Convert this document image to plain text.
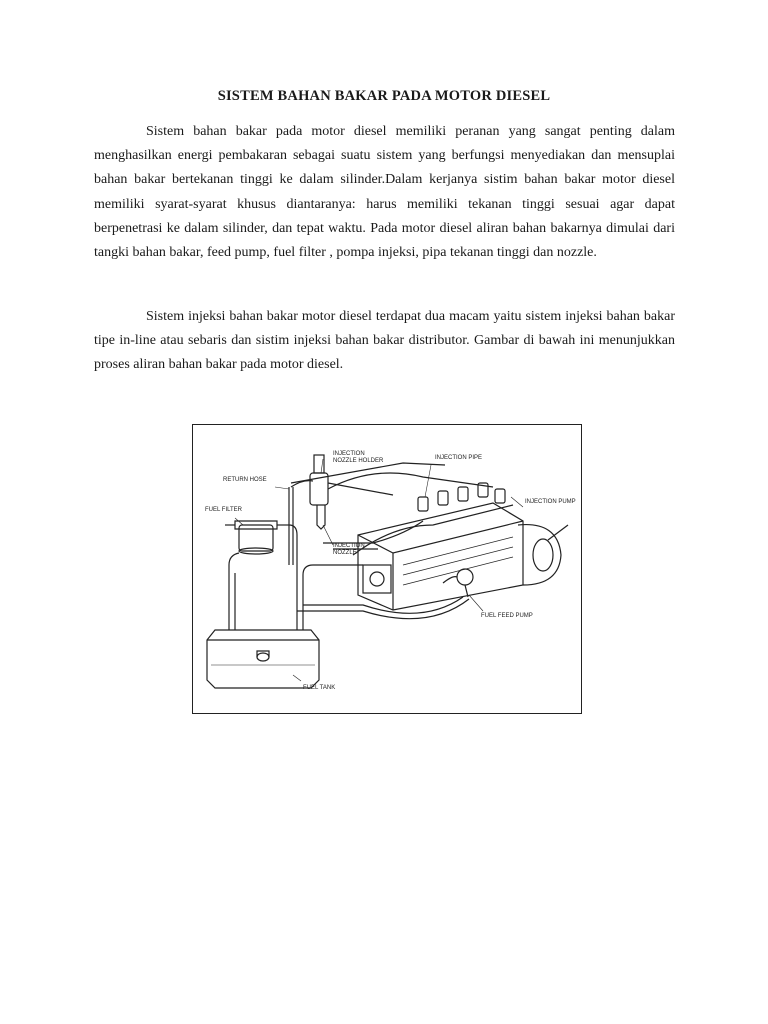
SISTEM BAHAN BAKAR PADA MOTOR DIESEL

Sistem bahan bakar pada motor diesel memiliki peranan yang sangat penting dalam menghasilkan energi pembakaran sebagai suatu sistem yang berfungsi menyediakan dan mensuplai bahan bakar bertekanan tinggi ke dalam silinder.Dalam kerjanya sistim bahan bakar motor diesel memiliki syarat-syarat khusus diantaranya: harus memiliki tekanan tinggi sesuai agar dapat berpenetrasi ke dalam silinder, dan tepat waktu. Pada motor diesel aliran bahan bakarnya dimulai dari tangki bahan bakar, feed pump, fuel filter , pompa injeksi, pipa tekanan tinggi dan nozzle.

Sistem injeksi bahan bakar motor diesel terdapat dua macam yaitu sistem injeksi bahan bakar tipe in-line atau sebaris dan sistim injeksi bahan bakar distributor. Gambar di bawah ini menunjukkan proses aliran bahan bakar pada motor diesel.

RETURN HOSE
INJECTION
NOZZLE HOLDER	INJECTION PIPE
INJECTION PUMP
FUEL FILTER
INJECTION
NOZZLE
FUEL FEED PUMP
FUEL TANK
